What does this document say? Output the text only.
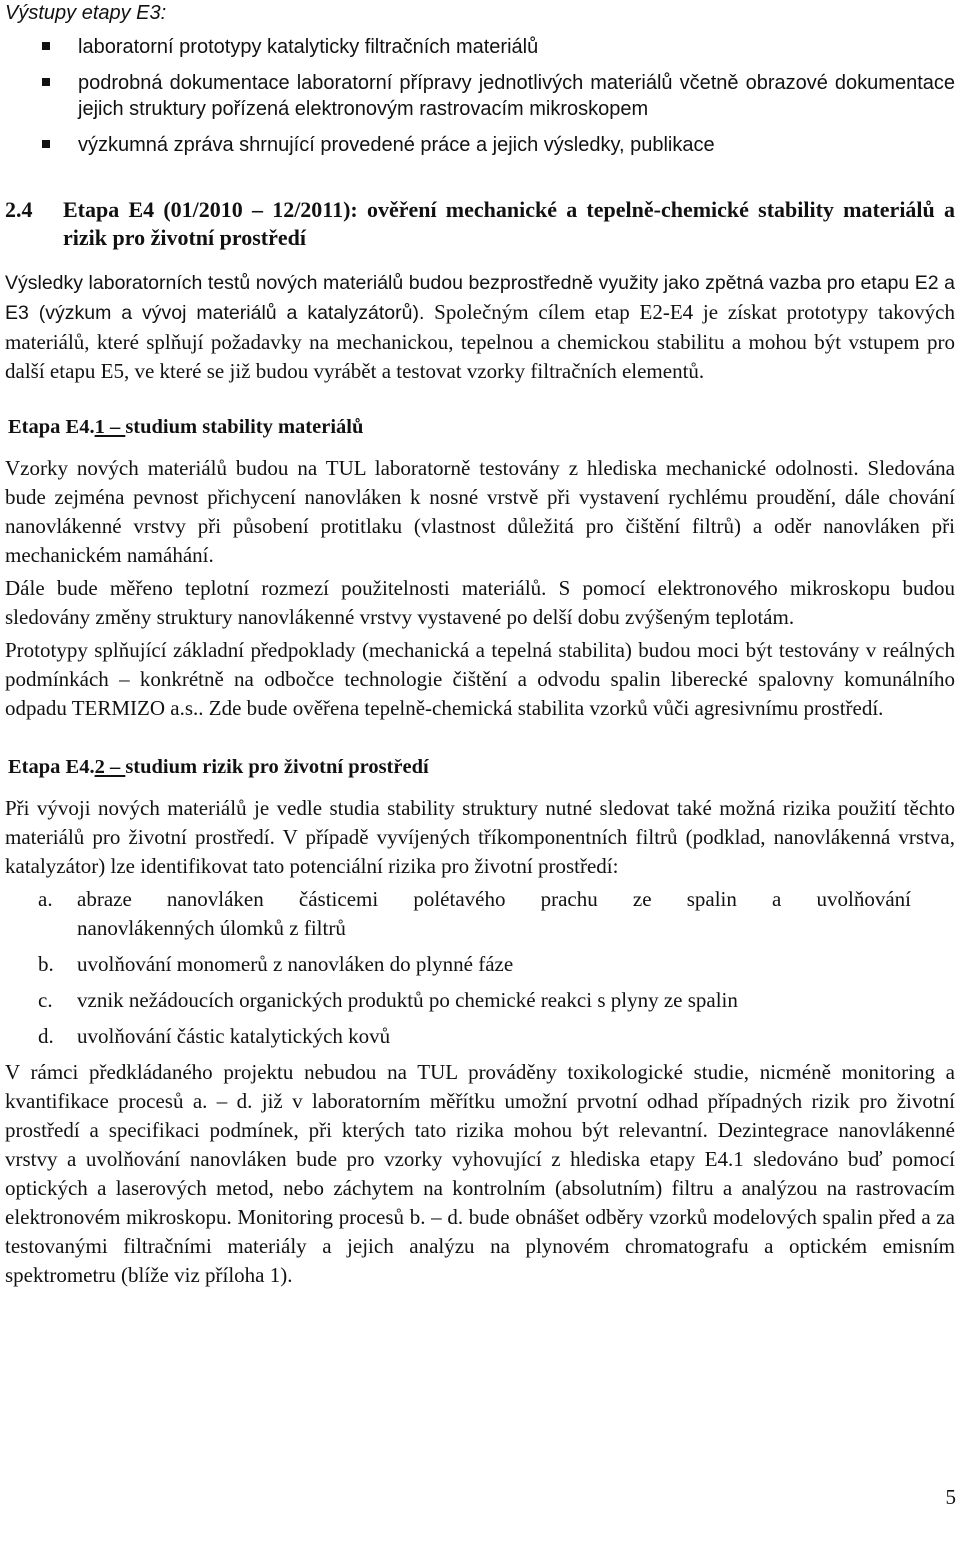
Výstupy etapy E3:

laboratorní prototypy katalyticky filtračních materiálů
podrobná dokumentace laboratorní přípravy jednotlivých materiálů včetně obrazové dokumentace jejich struktury pořízená elektronovým rastrovacím mikroskopem
výzkumná zpráva shrnující provedené práce a jejich výsledky, publikace
2.4	Etapa E4 (01/2010 – 12/2011): ověření mechanické a tepelně-chemické stability materiálů a rizik pro životní prostředí

Výsledky laboratorních testů nových materiálů budou bezprostředně využity jako zpětná vazba pro etapu E2 a E3 (výzkum a vývoj materiálů a katalyzátorů). Společným cílem etap E2-E4 je získat prototypy takových materiálů, které splňují požadavky na mechanickou, tepelnou a chemickou stabilitu a mohou být vstupem pro další etapu E5, ve které se již budou vyrábět a testovat vzorky filtračních elementů.

Etapa E4.1 – studium stability materiálů

Vzorky nových materiálů budou na TUL laboratorně testovány z hlediska mechanické odolnosti. Sledována bude zejména pevnost přichycení nanovláken k nosné vrstvě při vystavení rychlému proudění, dále chování nanovlákenné vrstvy při působení protitlaku (vlastnost důležitá pro čištění filtrů) a oděr nanovláken při mechanickém namáhání.

Dále bude měřeno teplotní rozmezí použitelnosti materiálů. S pomocí elektronového mikroskopu budou sledovány změny struktury nanovlákenné vrstvy vystavené po delší dobu zvýšeným teplotám.

Prototypy splňující základní předpoklady (mechanická a tepelná stabilita) budou moci být testovány v reálných podmínkách – konkrétně na odbočce technologie čištění a odvodu spalin liberecké spalovny komunálního odpadu TERMIZO a.s.. Zde bude ověřena tepelně-chemická stabilita vzorků vůči agresivnímu prostředí.

Etapa E4.2 – studium rizik pro životní prostředí

Při vývoji nových materiálů je vedle studia stability struktury nutné sledovat také možná rizika použití těchto materiálů pro životní prostředí. V případě vyvíjených tříkomponentních filtrů (podklad, nanovlákenná vrstva, katalyzátor) lze identifikovat tato potenciální rizika pro životní prostředí:

a.	abraze nanovláken částicemi polétavého prachu ze spalin a uvolňování
nanovlákenných úlomků z filtrů
b.	uvolňování monomerů z nanovláken do plynné fáze
c.	vznik nežádoucích organických produktů po chemické reakci s plyny ze spalin
d.	uvolňování částic katalytických kovů

V rámci předkládaného projektu nebudou na TUL prováděny toxikologické studie, nicméně monitoring a kvantifikace procesů a. – d. již v laboratorním měřítku umožní prvotní odhad případných rizik pro životní prostředí a specifikaci podmínek, při kterých tato rizika mohou být relevantní. Dezintegrace nanovlákenné vrstvy a uvolňování nanovláken bude pro vzorky vyhovující z hlediska etapy E4.1 sledováno buď pomocí optických a laserových metod, nebo záchytem na kontrolním (absolutním) filtru a analýzou na rastrovacím elektronovém mikroskopu. Monitoring procesů b. – d. bude obnášet odběry vzorků modelových spalin před a za testovanými filtračními materiály a jejich analýzu na plynovém chromatografu a optickém emisním spektrometru (blíže viz příloha 1).

5
